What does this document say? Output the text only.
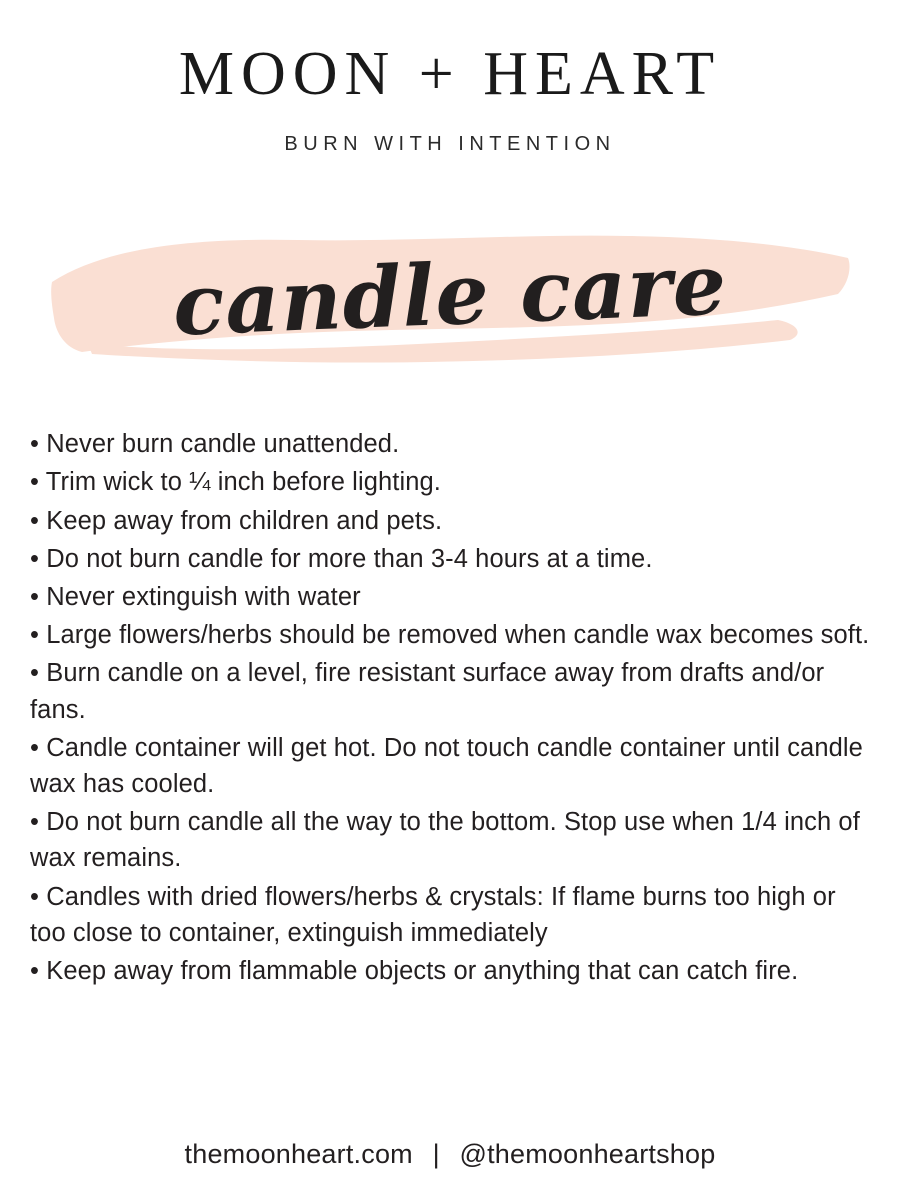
MOON + HEART

BURN WITH INTENTION

candle care
• Never burn candle unattended.
• Trim wick to ¼ inch before lighting.
• Keep away from children and pets.
• Do not burn candle for more than 3-4 hours at a time.
• Never extinguish with water
• Large flowers/herbs should be removed when candle wax becomes soft.
• Burn candle on a level, fire resistant surface away from drafts and/or fans.
• Candle container will get hot. Do not touch candle container until candle wax has cooled.
• Do not burn candle all the way to the bottom. Stop use when 1/4 inch of wax remains.
• Candles with dried flowers/herbs & crystals: If flame burns too high or too close to container, extinguish immediately
• Keep away from flammable objects or anything that can catch fire.
themoonheart.com | @themoonheartshop
